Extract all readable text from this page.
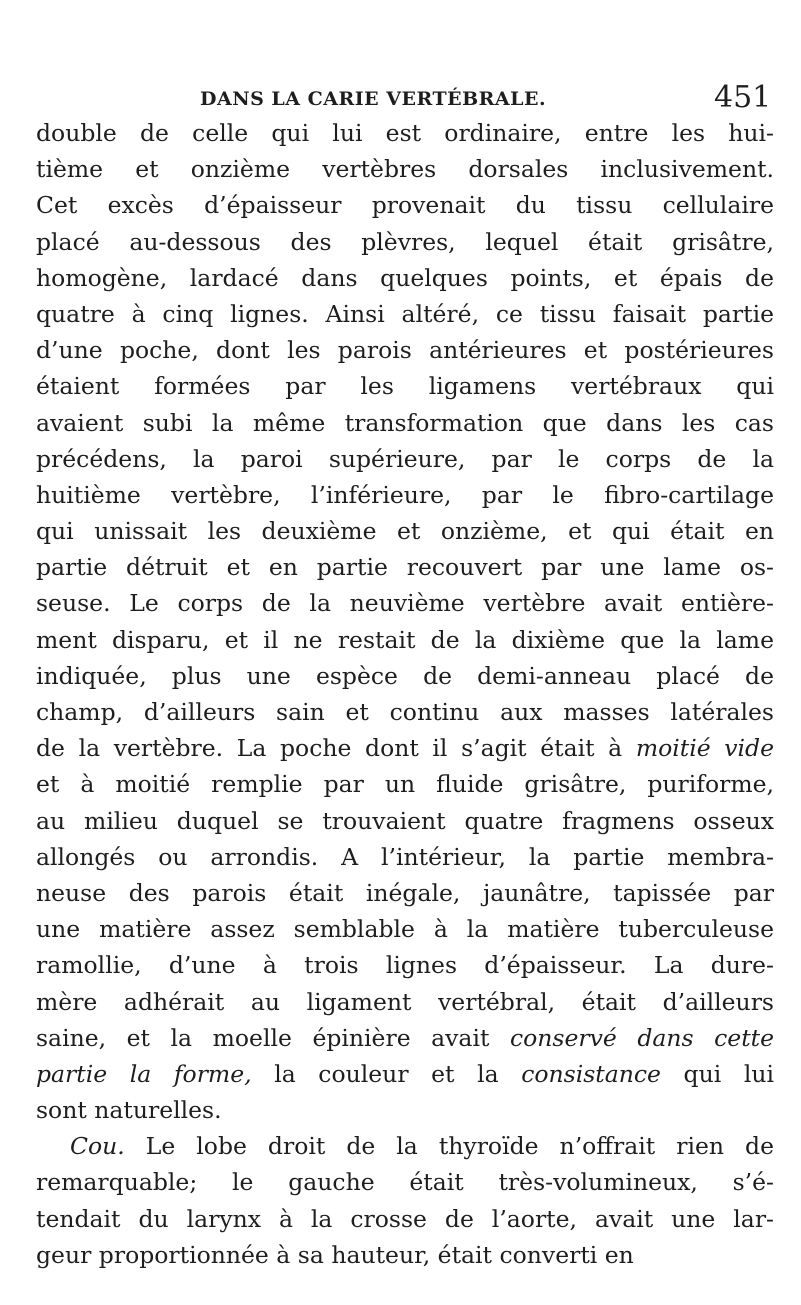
DANS LA CARIE VERTÉBRALE.	451
double de celle qui lui est ordinaire, entre les hui-
tième et onzième vertèbres dorsales inclusivement.
Cet excès d’épaisseur provenait du tissu cellulaire
placé au-dessous des plèvres, lequel était grisâtre,
homogène, lardacé dans quelques points, et épais de
quatre à cinq lignes. Ainsi altéré, ce tissu faisait partie
d’une poche, dont les parois antérieures et postérieures
étaient formées par les ligamens vertébraux qui
avaient subi la même transformation que dans les cas
précédens, la paroi supérieure, par le corps de la
huitième vertèbre, l’inférieure, par le fibro-cartilage
qui unissait les deuxième et onzième, et qui était en
partie détruit et en partie recouvert par une lame os-
seuse. Le corps de la neuvième vertèbre avait entière-
ment disparu, et il ne restait de la dixième que la lame
indiquée, plus une espèce de demi-anneau placé de
champ, d’ailleurs sain et continu aux masses latérales
de la vertèbre. La poche dont il s’agit était à moitié vide
et à moitié remplie par un fluide grisâtre, puriforme,
au milieu duquel se trouvaient quatre fragmens osseux
allongés ou arrondis. A l’intérieur, la partie membra-
neuse des parois était inégale, jaunâtre, tapissée par
une matière assez semblable à la matière tuberculeuse
ramollie, d’une à trois lignes d’épaisseur. La dure-
mère adhérait au ligament vertébral, était d’ailleurs
saine, et la moelle épinière avait conservé dans cette
partie la forme, la couleur et la consistance qui lui
sont naturelles.
Cou. Le lobe droit de la thyroïde n’offrait rien de
remarquable; le gauche était très-volumineux, s’é-
tendait du larynx à la crosse de l’aorte, avait une lar-
geur proportionnée à sa hauteur, était converti en
